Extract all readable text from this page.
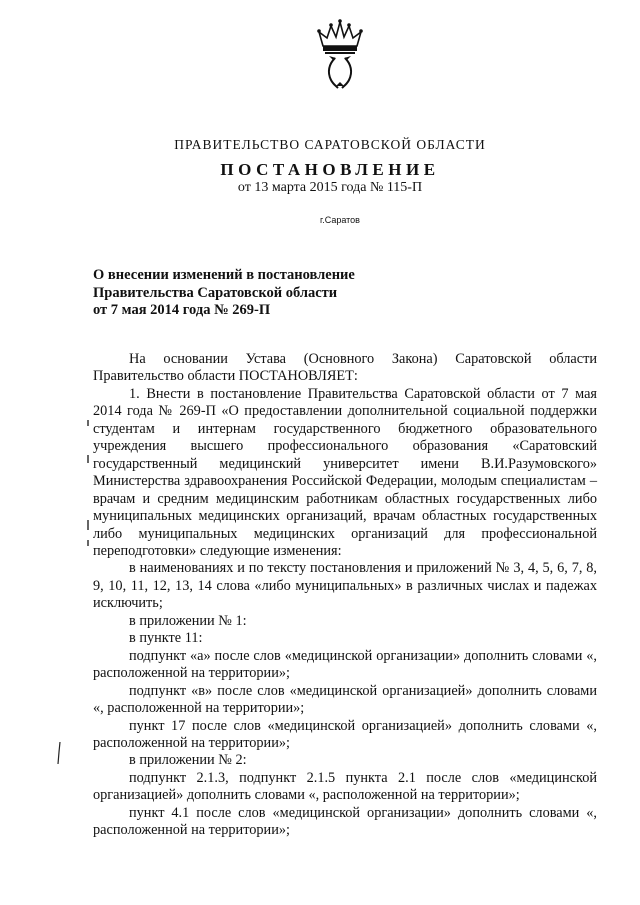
ПРАВИТЕЛЬСТВО САРАТОВСКОЙ ОБЛАСТИ
ПОСТАНОВЛЕНИЕ
от 13 марта 2015 года № 115-П
г.Саратов
О внесении изменений в постановление
Правительства Саратовской области
от 7 мая 2014 года № 269-П

На основании Устава (Основного Закона) Саратовской области Правительство области ПОСТАНОВЛЯЕТ:

1. Внести в постановление Правительства Саратовской области от 7 мая 2014 года № 269-П «О предоставлении дополнительной социальной поддержки студентам и интернам государственного бюджетного образовательного учреждения высшего профессионального образования «Саратовский государственный медицинский университет имени В.И.Разумовского» Министерства здравоохранения Российской Федерации, молодым специалистам – врачам и средним медицинским работникам областных государственных либо муниципальных медицинских организаций, врачам областных государственных либо муниципальных медицинских организаций для профессиональной переподготовки» следующие изменения:

в наименованиях и по тексту постановления и приложений № 3, 4, 5, 6, 7, 8, 9, 10, 11, 12, 13, 14 слова «либо муниципальных» в различных числах и падежах исключить;

в приложении № 1:

в пункте 11:

подпункт «а» после слов «медицинской организации» дополнить словами «, расположенной на территории»;

подпункт «в» после слов «медицинской организацией» дополнить словами «, расположенной на территории»;

пункт 17 после слов «медицинской организацией» дополнить словами «, расположенной на территории»;

в приложении № 2:

подпункт 2.1.3, подпункт 2.1.5 пункта 2.1 после слов «медицинской организацией» дополнить словами «, расположенной на территории»;

пункт 4.1 после слов «медицинской организации» дополнить словами «, расположенной на территории»;
